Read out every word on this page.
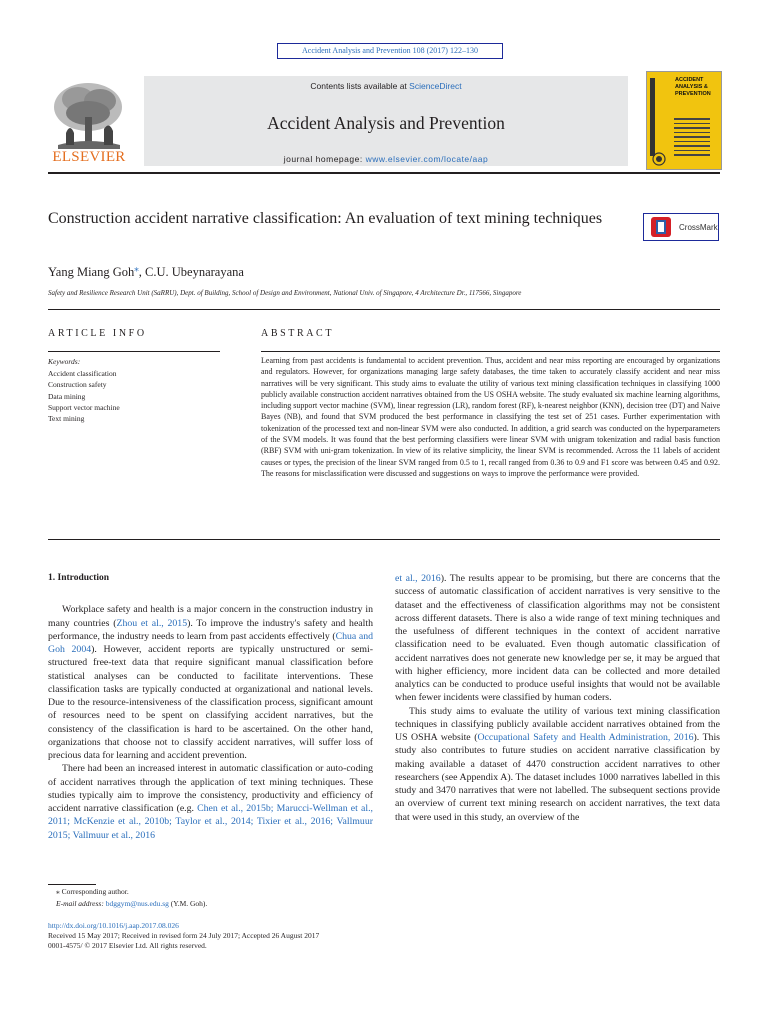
Accident Analysis and Prevention 108 (2017) 122–130
ELSEVIER
Contents lists available at ScienceDirect
Accident Analysis and Prevention
journal homepage: www.elsevier.com/locate/aap
ACCIDENT ANALYSIS & PREVENTION
Construction accident narrative classification: An evaluation of text mining techniques
CrossMark
Yang Miang Goh⁎, C.U. Ubeynarayana
Safety and Resilience Research Unit (SaRRU), Dept. of Building, School of Design and Environment, National Univ. of Singapore, 4 Architecture Dr., 117566, Singapore
ARTICLE INFO
Keywords:
Accident classification
Construction safety
Data mining
Support vector machine
Text mining
ABSTRACT

Learning from past accidents is fundamental to accident prevention. Thus, accident and near miss reporting are encouraged by organizations and regulators. However, for organizations managing large safety databases, the time taken to accurately classify accident and near miss narratives will be very significant. This study aims to evaluate the utility of various text mining classification techniques in classifying 1000 publicly available construction accident narratives obtained from the US OSHA website. The study evaluated six machine learning algorithms, including support vector machine (SVM), linear regression (LR), random forest (RF), k-nearest neighbor (KNN), decision tree (DT) and Naive Bayes (NB), and found that SVM produced the best performance in classifying the test set of 251 cases. Further experimentation with tokenization of the processed text and non-linear SVM were also conducted. In addition, a grid search was conducted on the hyperparameters of the SVM models. It was found that the best performing classifiers were linear SVM with unigram tokenization and radial basis function (RBF) SVM with uni-gram tokenization. In view of its relative simplicity, the linear SVM is recommended. Across the 11 labels of accident causes or types, the precision of the linear SVM ranged from 0.5 to 1, recall ranged from 0.36 to 0.9 and F1 score was between 0.45 and 0.92. The reasons for misclassification were discussed and suggestions on ways to improve the performance were provided.

1. Introduction

Workplace safety and health is a major concern in the construction industry in many countries (Zhou et al., 2015). To improve the industry's safety and health performance, the industry needs to learn from past accidents effectively (Chua and Goh 2004). However, accident reports are typically unstructured or semi-structured free-text data that require significant manual classification before statistical analyses can be conducted to facilitate interventions. These classification tasks are typically conducted at organizational and national levels. Due to the resource-intensiveness of the classification process, significant amount of resources need to be spent on classifying accident narratives, but the consistency of the classification is hard to be ascertained. On the other hand, organizations that choose not to classify accident narratives, will suffer loss of precious data for learning and accident prevention.

There had been an increased interest in automatic classification or auto-coding of accident narratives through the application of text mining techniques. These studies typically aim to improve the consistency, productivity and efficiency of accident narrative classification (e.g. Chen et al., 2015b; Marucci-Wellman et al., 2011; McKenzie et al., 2010b; Taylor et al., 2014; Tixier et al., 2016; Vallmuur 2015; Vallmuur et al., 2016

et al., 2016). The results appear to be promising, but there are concerns that the success of automatic classification of accident narratives is very sensitive to the dataset and the effectiveness of classification algorithms may not be consistent across different datasets. There is also a wide range of text mining techniques and the usefulness of different techniques in the context of accident narrative classification need to be evaluated. Even though automatic classification of accident narratives does not generate new knowledge per se, it may be argued that with higher efficiency, more incident data can be collected and more detailed analytics can be conducted to produce useful insights that would not be available when fewer incidents were classified by human coders.

This study aims to evaluate the utility of various text mining classification techniques in classifying publicly available accident narratives obtained from the US OSHA website (Occupational Safety and Health Administration, 2016). This study also contributes to future studies on accident narrative classification by making available a dataset of 4470 construction accident narratives to other researchers (see Appendix A). The dataset includes 1000 narratives labelled in this study and 3470 narratives that were not labelled. The subsequent sections provide an overview of current text mining research on accident narratives, the text data that were used in this study, an overview of the

⁎ Corresponding author.
E-mail address: bdggym@nus.edu.sg (Y.M. Goh).
http://dx.doi.org/10.1016/j.aap.2017.08.026
Received 15 May 2017; Received in revised form 24 July 2017; Accepted 26 August 2017
0001-4575/ © 2017 Elsevier Ltd. All rights reserved.
